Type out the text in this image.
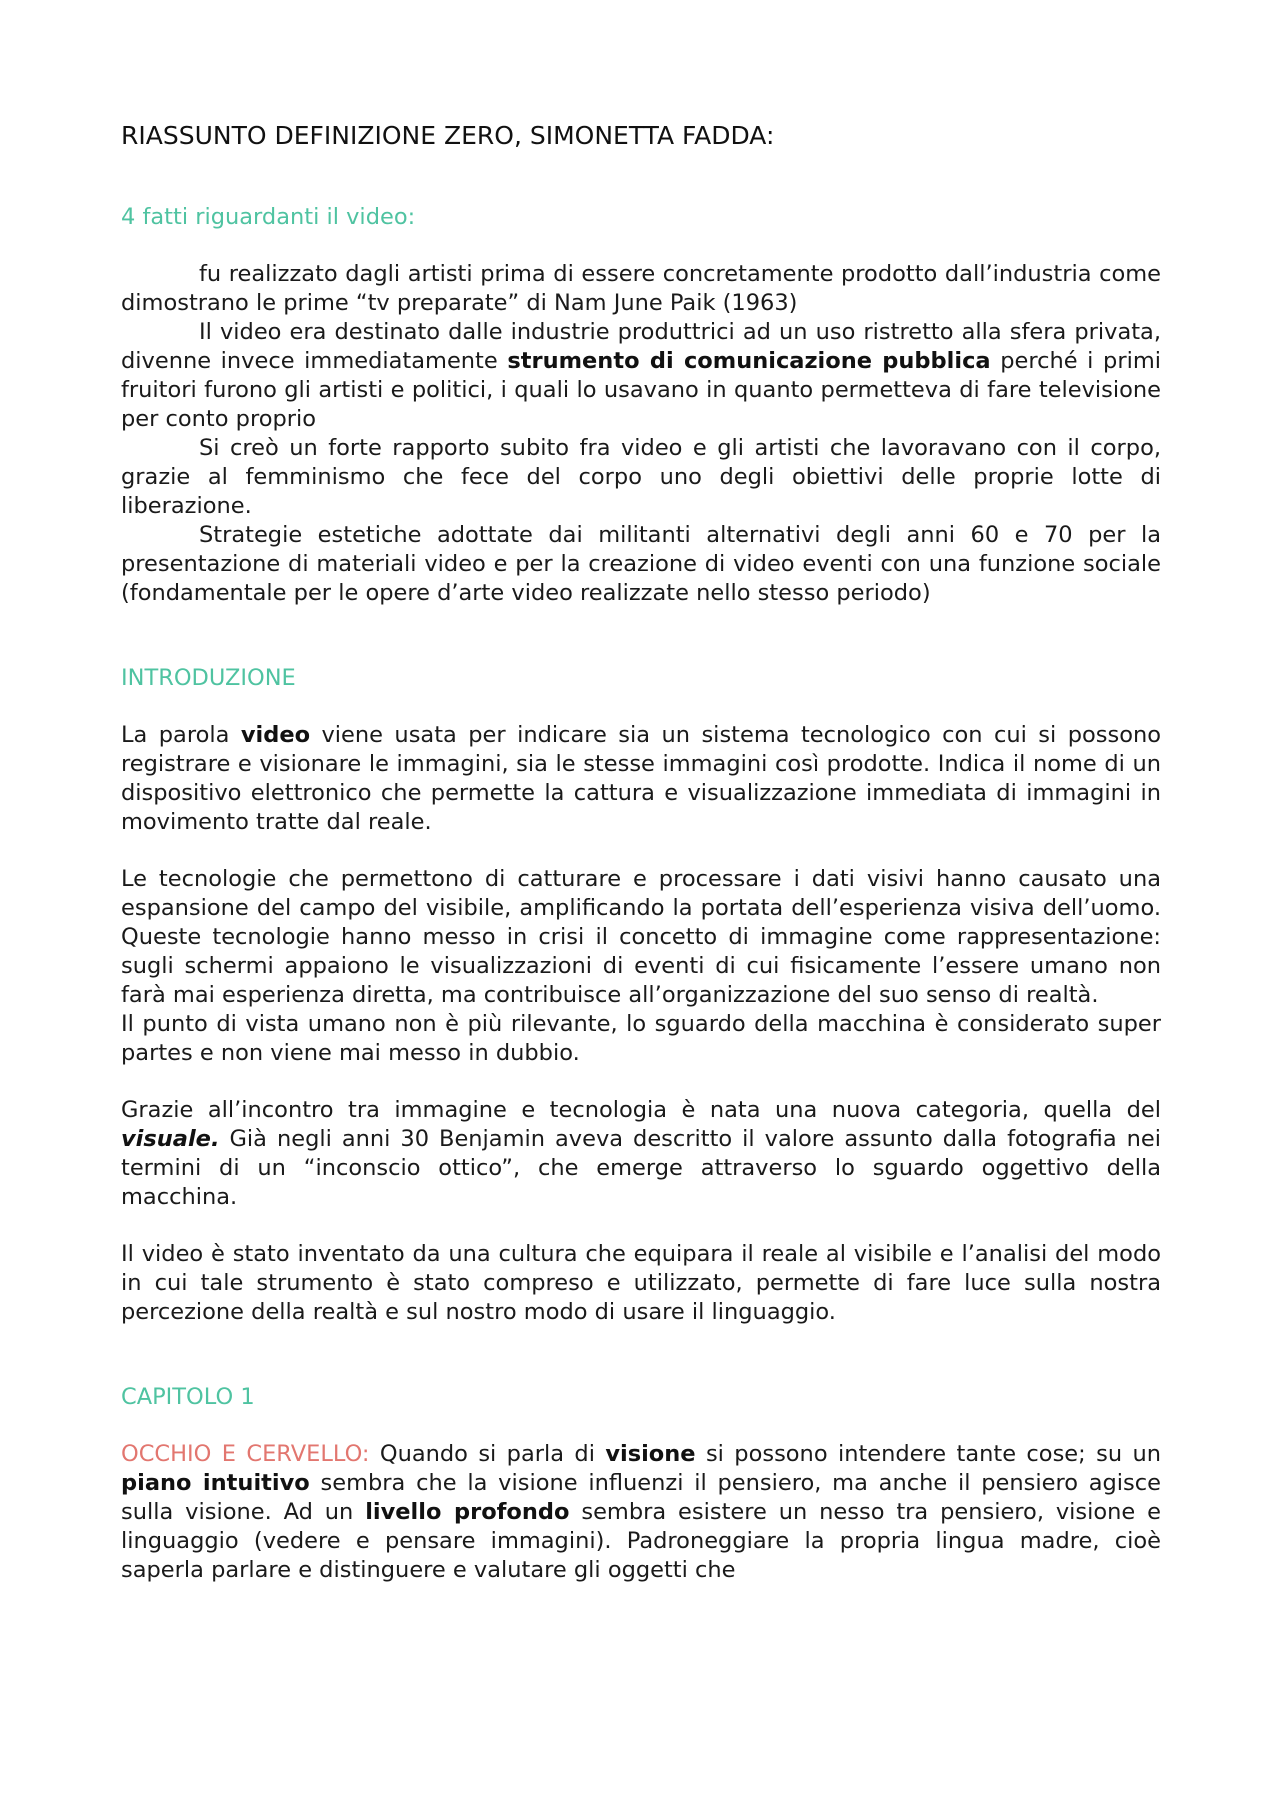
RIASSUNTO DEFINIZIONE ZERO, SIMONETTA FADDA:
4 fatti riguardanti il video:

fu realizzato dagli artisti prima di essere concretamente prodotto dall’industria come dimostrano le prime “tv preparate” di Nam June Paik (1963)

Il video era destinato dalle industrie produttrici ad un uso ristretto alla sfera privata, divenne invece immediatamente strumento di comunicazione pubblica perché i primi fruitori furono gli artisti e politici, i quali lo usavano in quanto permetteva di fare televisione per conto proprio

Si creò un forte rapporto subito fra video e gli artisti che lavoravano con il corpo, grazie al femminismo che fece del corpo uno degli obiettivi delle proprie lotte di liberazione.

Strategie estetiche adottate dai militanti alternativi degli anni 60 e 70 per la presentazione di materiali video e per la creazione di video eventi con una funzione sociale (fondamentale per le opere d’arte video realizzate nello stesso periodo)

INTRODUZIONE

La parola video viene usata per indicare sia un sistema tecnologico con cui si possono registrare e visionare le immagini, sia le stesse immagini così prodotte. Indica il nome di un dispositivo elettronico che permette la cattura e visualizzazione immediata di immagini in movimento tratte dal reale.

Le tecnologie che permettono di catturare e processare i dati visivi hanno causato una espansione del campo del visibile, amplificando la portata dell’esperienza visiva dell’uomo. Queste tecnologie hanno messo in crisi il concetto di immagine come rappresentazione: sugli schermi appaiono le visualizzazioni di eventi di cui fisicamente l’essere umano non farà mai esperienza diretta, ma contribuisce all’organizzazione del suo senso di realtà.

Il punto di vista umano non è più rilevante, lo sguardo della macchina è considerato super partes e non viene mai messo in dubbio.

Grazie all’incontro tra immagine e tecnologia è nata una nuova categoria, quella del visuale. Già negli anni 30 Benjamin aveva descritto il valore assunto dalla fotografia nei termini di un “inconscio ottico”, che emerge attraverso lo sguardo oggettivo della macchina.

Il video è stato inventato da una cultura che equipara il reale al visibile e l’analisi del modo in cui tale strumento è stato compreso e utilizzato, permette di fare luce sulla nostra percezione della realtà e sul nostro modo di usare il linguaggio.

CAPITOLO 1

OCCHIO E CERVELLO: Quando si parla di visione si possono intendere tante cose; su un piano intuitivo sembra che la visione influenzi il pensiero, ma anche il pensiero agisce sulla visione. Ad un livello profondo sembra esistere un nesso tra pensiero, visione e linguaggio (vedere e pensare immagini). Padroneggiare la propria lingua madre, cioè saperla parlare e distinguere e valutare gli oggetti che
